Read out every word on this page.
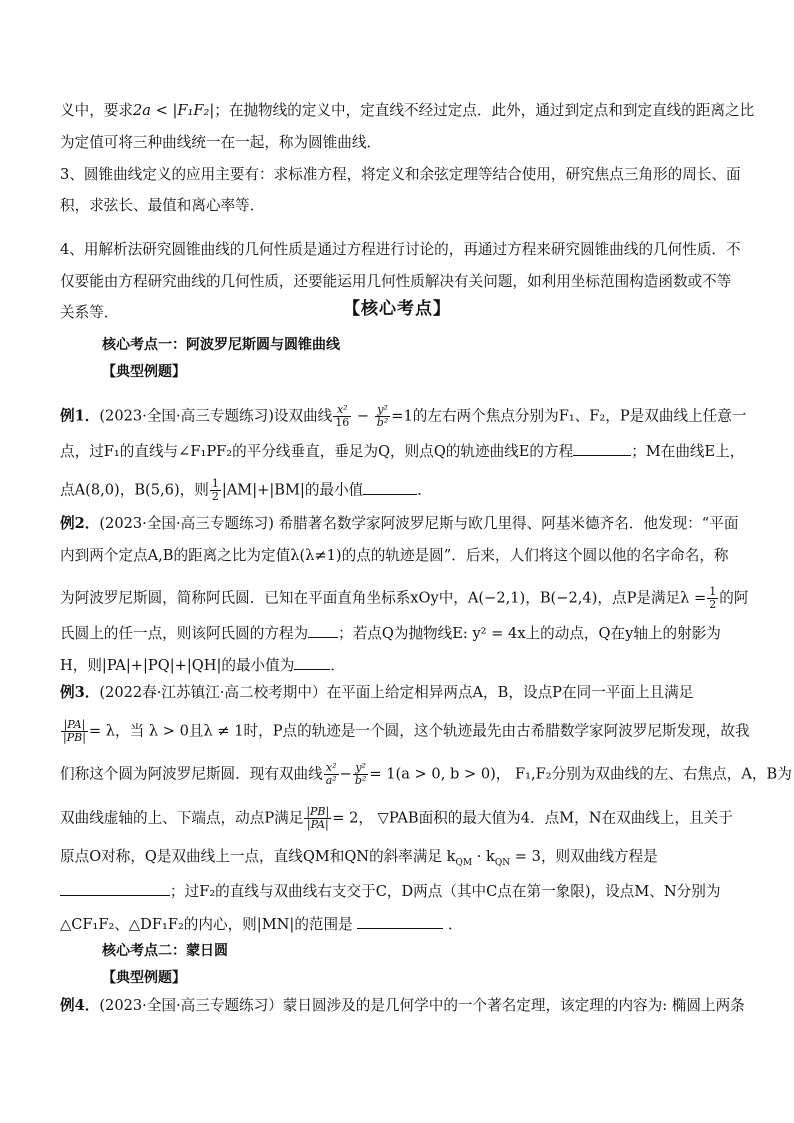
义中，要求2a < |F₁F₂|；在抛物线的定义中，定直线不经过定点．此外，通过到定点和到定直线的距离之比
为定值可将三种曲线统一在一起，称为圆锥曲线．
3、圆锥曲线定义的应用主要有：求标准方程，将定义和余弦定理等结合使用，研究焦点三角形的周长、面
积，求弦长、最值和离心率等．
4、用解析法研究圆锥曲线的几何性质是通过方程进行讨论的，再通过方程来研究圆锥曲线的几何性质．不
仅要能由方程研究曲线的几何性质，还要能运用几何性质解决有关问题，如利用坐标范围构造函数或不等
关系等．	【核心考点】
核心考点一：阿波罗尼斯圆与圆锥曲线
【典型例题】
例1．(2023·全国·高三专题练习)设双曲线 $\frac{\text{x²}}{16} - \frac{\text{y²}}{\text{b²}} =1$的左右两个焦点分别为F₁、F₂，P是双曲线上任意一
点，过F₁的直线与∠F₁PF₂的平分线垂直，垂足为Q，则点Q的轨迹曲线E的方程	；M在曲线E上，
点A(8,0)，B(5,6)，则 $\frac{1}{2} |AM|+|BM|$的最小值	．
例2．(2023·全国·高三专题练习) 希腊著名数学家阿波罗尼斯与欧几里得、阿基米德齐名．他发现：“平面
内到两个定点A,B的距离之比为定值λ(λ≠1)的点的轨迹是圆”．后来，人们将这个圆以他的名字命名，称
为阿波罗尼斯圆，简称阿氏圆．已知在平面直角坐标系xOy中，A(−2,1)，B(−2,4)，点P是满足$\lambda = \frac{1}{2}$ 的阿
氏圆上的任一点，则该阿氏圆的方程为 ；若点Q为抛物线E: y² = 4x上的动点，Q在y轴上的射影为
H，则|PA|+|PQ|+|QH|的最小值为 ．
例3．(2022春·江苏镇江·高二校考期中）在平面上给定相异两点A，B，设点P在同一平面上且满足
$\frac{|PA|}{|PB|} = \lambda$，当 λ > 0且λ ≠ 1时，P点的轨迹是一个圆，这个轨迹最先由古希腊数学家阿波罗尼斯发现，故我
们称这个圆为阿波罗尼斯圆．现有双曲线 $\frac{\text{x²}}{\text{a²}} - \frac{\text{y²}}{\text{b²}} = 1(a > 0$, b > 0)， F₁,F₂分别为双曲线的左、右焦点，A，B为
双曲线虚轴的上、下端点，动点P满足 $\frac{|PB|}{|PA|} = 2$， ▽PAB面积的最大值为4．点M，N在双曲线上，且关于
原点O对称，Q是双曲线上一点，直线QM和QN的斜率满足 $k_{QM} \cdot k_{QN} = 3$，则双曲线方程是
；过F₂的直线与双曲线右支交于C，D两点（其中C点在第一象限)，设点M、N分别为
△CF₁F₂、△DF₁F₂的内心，则|MN|的范围是	．
核心考点二：蒙日圆
【典型例题】
例4．(2023·全国·高三专题练习）蒙日圆涉及的是几何学中的一个著名定理，该定理的内容为: 椭圆上两条
